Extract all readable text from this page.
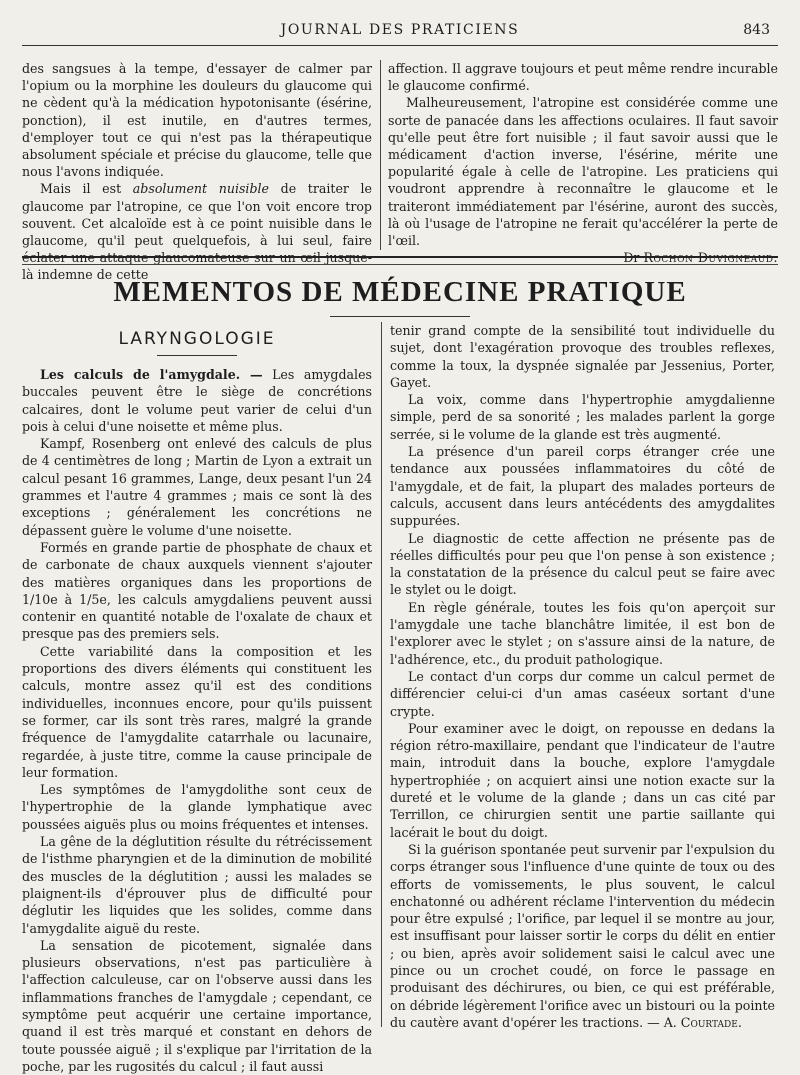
JOURNAL DES PRATICIENS	843

des sangsues à la tempe, d'essayer de calmer par l'opium ou la morphine les douleurs du glaucome qui ne cèdent qu'à la médication hypotonisante (ésérine, ponction), il est inutile, en d'autres termes, d'employer tout ce qui n'est pas la thérapeutique absolument spéciale et précise du glaucome, telle que nous l'avons indiquée.

Mais il est absolument nuisible de traiter le glaucome par l'atropine, ce que l'on voit encore trop souvent. Cet alcaloïde est à ce point nuisible dans le glaucome, qu'il peut quelquefois, à lui seul, faire éclater une attaque glaucomateuse sur un œil jusque-là indemne de cette

affection. Il aggrave toujours et peut même rendre incurable le glaucome confirmé.

Malheureusement, l'atropine est considérée comme une sorte de panacée dans les affections oculaires. Il faut savoir qu'elle peut être fort nuisible ; il faut savoir aussi que le médicament d'action inverse, l'ésérine, mérite une popularité égale à celle de l'atropine. Les praticiens qui voudront apprendre à reconnaître le glaucome et le traiteront immédiatement par l'ésérine, auront des succès, là où l'usage de l'atropine ne ferait qu'accélérer la perte de l'œil.

Dr Rochon Duvigneaud.

MEMENTOS DE MÉDECINE PRATIQUE
LARYNGOLOGIE

Les calculs de l'amygdale. — Les amygdales buccales peuvent être le siège de concrétions calcaires, dont le volume peut varier de celui d'un pois à celui d'une noisette et même plus.

Kampf, Rosenberg ont enlevé des calculs de plus de 4 centimètres de long ; Martin de Lyon a extrait un calcul pesant 16 grammes, Lange, deux pesant l'un 24 grammes et l'autre 4 grammes ; mais ce sont là des exceptions ; généralement les concrétions ne dépassent guère le volume d'une noisette.

Formés en grande partie de phosphate de chaux et de carbonate de chaux auxquels viennent s'ajouter des matières organiques dans les proportions de 1/10e à 1/5e, les calculs amygdaliens peuvent aussi contenir en quantité notable de l'oxalate de chaux et presque pas des premiers sels.

Cette variabilité dans la composition et les proportions des divers éléments qui constituent les calculs, montre assez qu'il est des conditions individuelles, inconnues encore, pour qu'ils puissent se former, car ils sont très rares, malgré la grande fréquence de l'amygdalite catarrhale ou lacunaire, regardée, à juste titre, comme la cause principale de leur formation.

Les symptômes de l'amygdolithe sont ceux de l'hypertrophie de la glande lymphatique avec poussées aiguës plus ou moins fréquentes et intenses.

La gêne de la déglutition résulte du rétrécissement de l'isthme pharyngien et de la diminution de mobilité des muscles de la déglutition ; aussi les malades se plaignent-ils d'éprouver plus de difficulté pour déglutir les liquides que les solides, comme dans l'amygdalite aiguë du reste.

La sensation de picotement, signalée dans plusieurs observations, n'est pas particulière à l'affection calculeuse, car on l'observe aussi dans les inflammations franches de l'amygdale ; cependant, ce symptôme peut acquérir une certaine importance, quand il est très marqué et constant en dehors de toute poussée aiguë ; il s'explique par l'irritation de la poche, par les rugosités du calcul ; il faut aussi

tenir grand compte de la sensibilité tout individuelle du sujet, dont l'exagération provoque des troubles reflexes, comme la toux, la dyspnée signalée par Jessenius, Porter, Gayet.

La voix, comme dans l'hypertrophie amygdalienne simple, perd de sa sonorité ; les malades parlent la gorge serrée, si le volume de la glande est très augmenté.

La présence d'un pareil corps étranger crée une tendance aux poussées inflammatoires du côté de l'amygdale, et de fait, la plupart des malades porteurs de calculs, accusent dans leurs antécédents des amygdalites suppurées.

Le diagnostic de cette affection ne présente pas de réelles difficultés pour peu que l'on pense à son existence ; la constatation de la présence du calcul peut se faire avec le stylet ou le doigt.

En règle générale, toutes les fois qu'on aperçoit sur l'amygdale une tache blanchâtre limitée, il est bon de l'explorer avec le stylet ; on s'assure ainsi de la nature, de l'adhérence, etc., du produit pathologique.

Le contact d'un corps dur comme un calcul permet de différencier celui-ci d'un amas caséeux sortant d'une crypte.

Pour examiner avec le doigt, on repousse en dedans la région rétro-maxillaire, pendant que l'indicateur de l'autre main, introduit dans la bouche, explore l'amygdale hypertrophiée ; on acquiert ainsi une notion exacte sur la dureté et le volume de la glande ; dans un cas cité par Terrillon, ce chirurgien sentit une partie saillante qui lacérait le bout du doigt.

Si la guérison spontanée peut survenir par l'expulsion du corps étranger sous l'influence d'une quinte de toux ou des efforts de vomissements, le plus souvent, le calcul enchatonné ou adhérent réclame l'intervention du médecin pour être expulsé ; l'orifice, par lequel il se montre au jour, est insuffisant pour laisser sortir le corps du délit en entier ; ou bien, après avoir solidement saisi le calcul avec une pince ou un crochet coudé, on force le passage en produisant des déchirures, ou bien, ce qui est préférable, on débride légèrement l'orifice avec un bistouri ou la pointe du cautère avant d'opérer les tractions. — A. Courtade.
